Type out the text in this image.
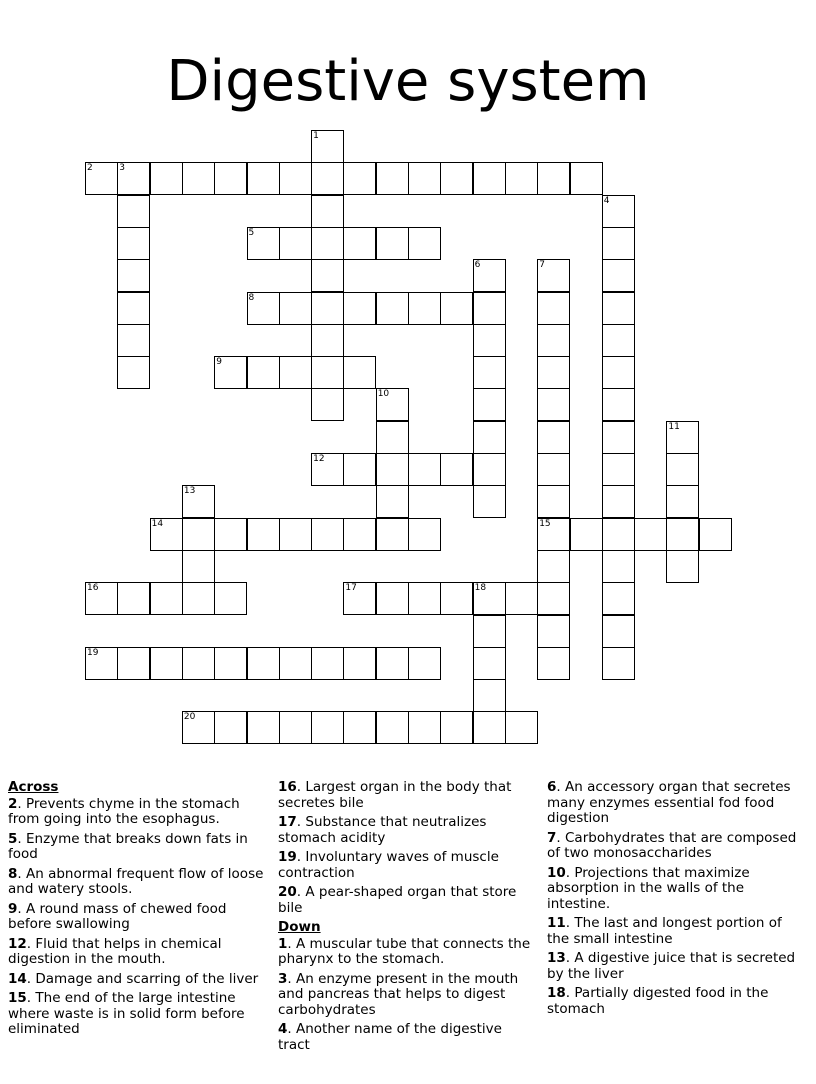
Digestive system
1
2	3
4
5
6	7
15
8
9
10
11
12
13
14
16	17	18
19
20
Across
2. Prevents chyme in the stomach from going into the esophagus.
5. Enzyme that breaks down fats in food
8. An abnormal frequent flow of loose and watery stools.
9. A round mass of chewed food before swallowing
12. Fluid that helps in chemical digestion in the mouth.
14. Damage and scarring of the liver
15. The end of the large intestine where waste is in solid form before eliminated
16. Largest organ in the body that secretes bile
17. Substance that neutralizes stomach acidity
19. Involuntary waves of muscle contraction
20. A pear-shaped organ that store bile
Down
1. A muscular tube that connects the pharynx to the stomach.
3. An enzyme present in the mouth and pancreas that helps to digest carbohydrates
4. Another name of the digestive tract
6. An accessory organ that secretes many enzymes essential fod food digestion
7. Carbohydrates that are composed of two monosaccharides
10. Projections that maximize absorption in the walls of the intestine.
11. The last and longest portion of the small intestine
13. A digestive juice that is secreted by the liver
18. Partially digested food in the stomach
